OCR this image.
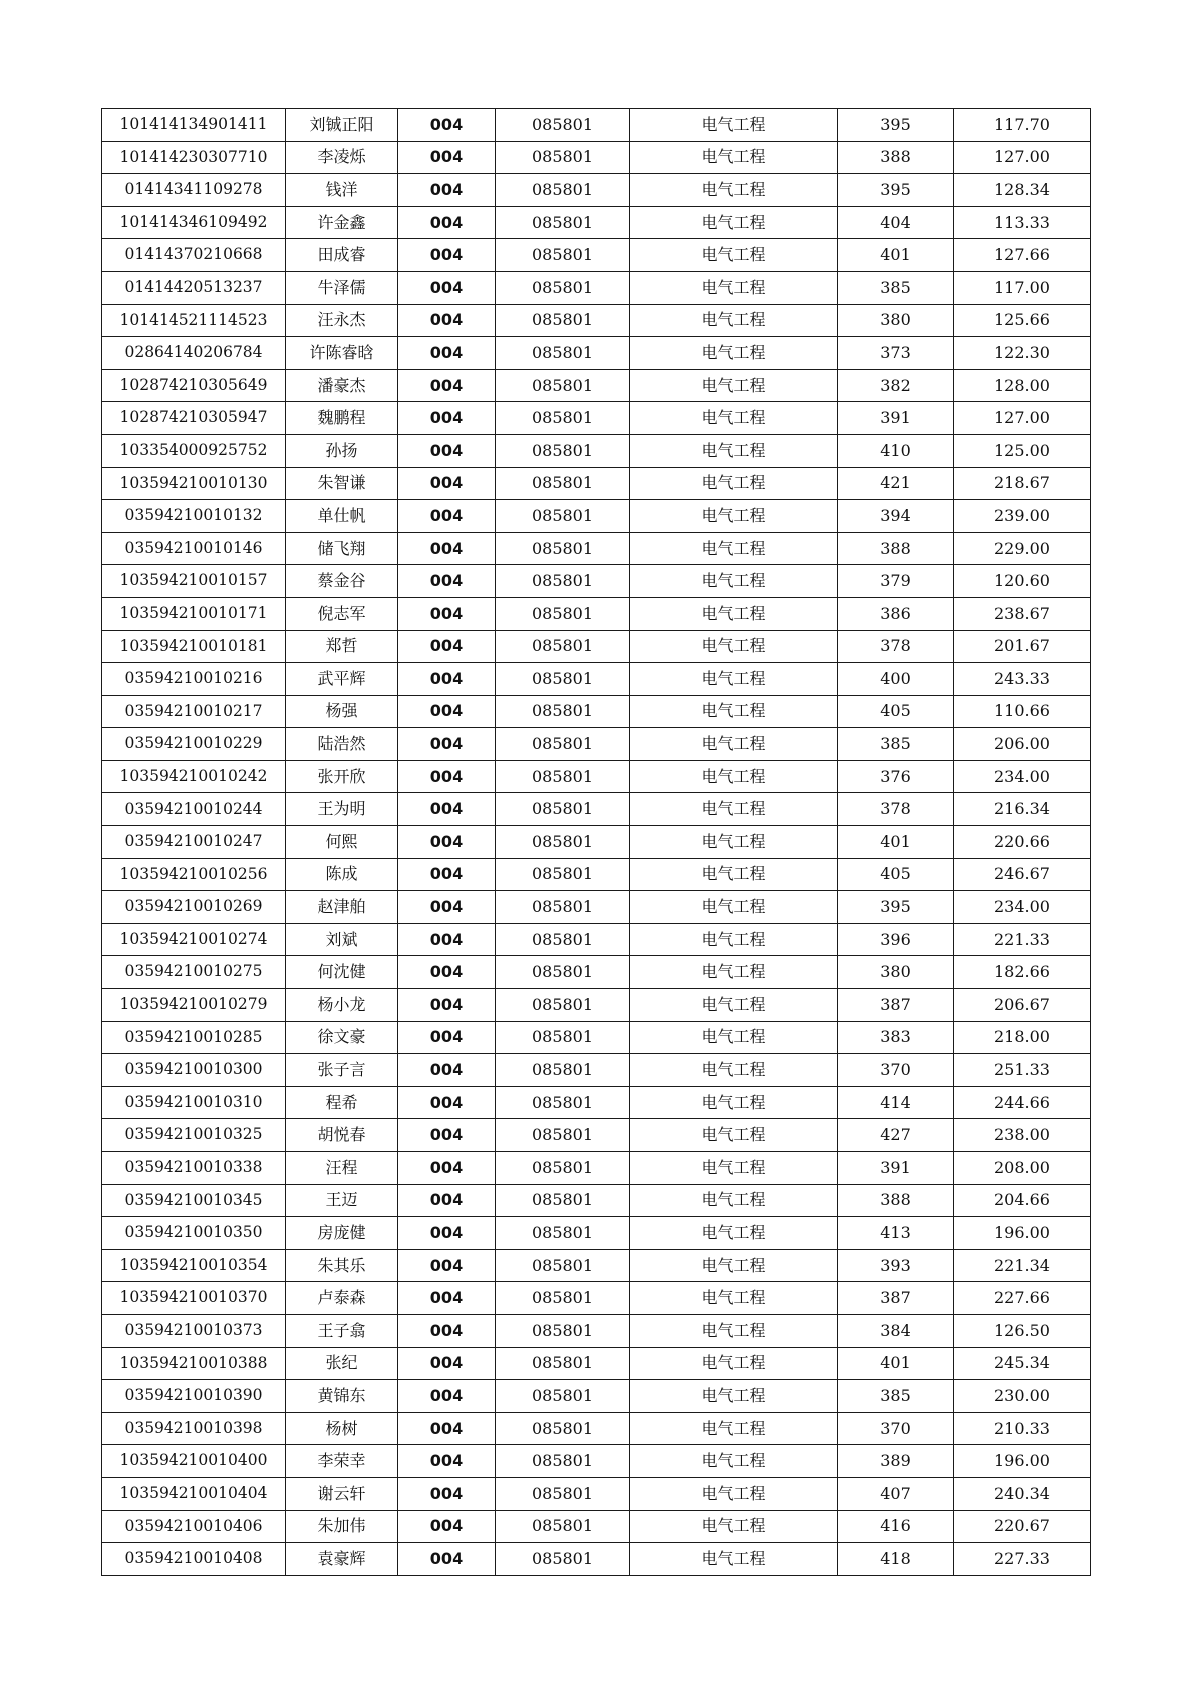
101414134901411	刘铖正阳	004	085801	电气工程	395	117.70
101414230307710	李凌烁	004	085801	电气工程	388	127.00
01414341109278	钱洋	004	085801	电气工程	395	128.34
101414346109492	许金鑫	004	085801	电气工程	404	113.33
01414370210668	田成睿	004	085801	电气工程	401	127.66
01414420513237	牛泽儒	004	085801	电气工程	385	117.00
101414521114523	汪永杰	004	085801	电气工程	380	125.66
02864140206784	许陈睿晗	004	085801	电气工程	373	122.30
102874210305649	潘豪杰	004	085801	电气工程	382	128.00
102874210305947	魏鹏程	004	085801	电气工程	391	127.00
103354000925752	孙扬	004	085801	电气工程	410	125.00
103594210010130	朱智谦	004	085801	电气工程	421	218.67
03594210010132	单仕帆	004	085801	电气工程	394	239.00
03594210010146	储飞翔	004	085801	电气工程	388	229.00
103594210010157	蔡金谷	004	085801	电气工程	379	120.60
103594210010171	倪志军	004	085801	电气工程	386	238.67
103594210010181	郑哲	004	085801	电气工程	378	201.67
03594210010216	武平辉	004	085801	电气工程	400	243.33
03594210010217	杨强	004	085801	电气工程	405	110.66
03594210010229	陆浩然	004	085801	电气工程	385	206.00
103594210010242	张开欣	004	085801	电气工程	376	234.00
03594210010244	王为明	004	085801	电气工程	378	216.34
03594210010247	何熙	004	085801	电气工程	401	220.66
103594210010256	陈成	004	085801	电气工程	405	246.67
03594210010269	赵津舶	004	085801	电气工程	395	234.00
103594210010274	刘斌	004	085801	电气工程	396	221.33
03594210010275	何沈健	004	085801	电气工程	380	182.66
103594210010279	杨小龙	004	085801	电气工程	387	206.67
03594210010285	徐文豪	004	085801	电气工程	383	218.00
03594210010300	张子言	004	085801	电气工程	370	251.33
03594210010310	程希	004	085801	电气工程	414	244.66
03594210010325	胡悦春	004	085801	电气工程	427	238.00
03594210010338	汪程	004	085801	电气工程	391	208.00
03594210010345	王迈	004	085801	电气工程	388	204.66
03594210010350	房庞健	004	085801	电气工程	413	196.00
103594210010354	朱其乐	004	085801	电气工程	393	221.34
103594210010370	卢泰森	004	085801	电气工程	387	227.66
03594210010373	王子翕	004	085801	电气工程	384	126.50
103594210010388	张纪	004	085801	电气工程	401	245.34
03594210010390	黄锦东	004	085801	电气工程	385	230.00
03594210010398	杨树	004	085801	电气工程	370	210.33
103594210010400	李荣幸	004	085801	电气工程	389	196.00
103594210010404	谢云轩	004	085801	电气工程	407	240.34
03594210010406	朱加伟	004	085801	电气工程	416	220.67
03594210010408	袁豪辉	004	085801	电气工程	418	227.33
